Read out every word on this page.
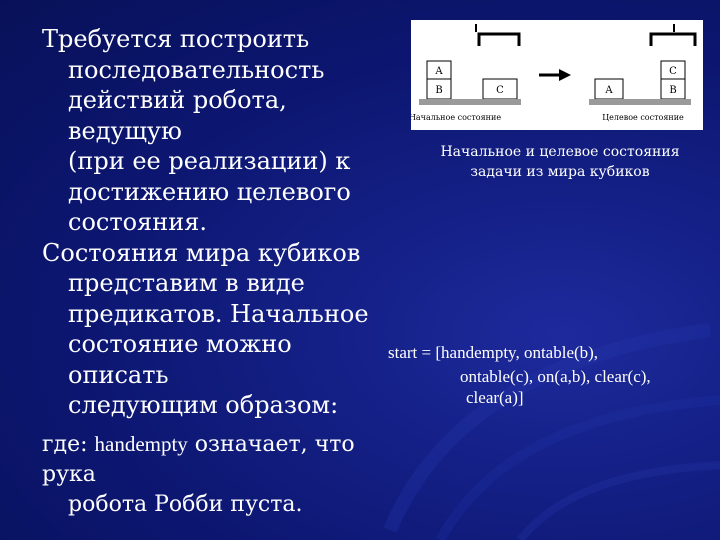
Требуется построить
последовательность
действий робота, ведущую
(при ее реализации) к
достижению целевого
состояния.

Состояния мира кубиков
представим в виде
предикатов. Начальное
состояние можно описать
следующим образом:

где: handempty означает, что рука
робота Робби пуста.

A
B	C
Начальное состояние
C
A	B
Целевое состояние
Начальное и целевое состояния
задачи из мира кубиков
start = [handempty, ontable(b),
ontable(c), on(a,b), clear(c),
clear(a)]
